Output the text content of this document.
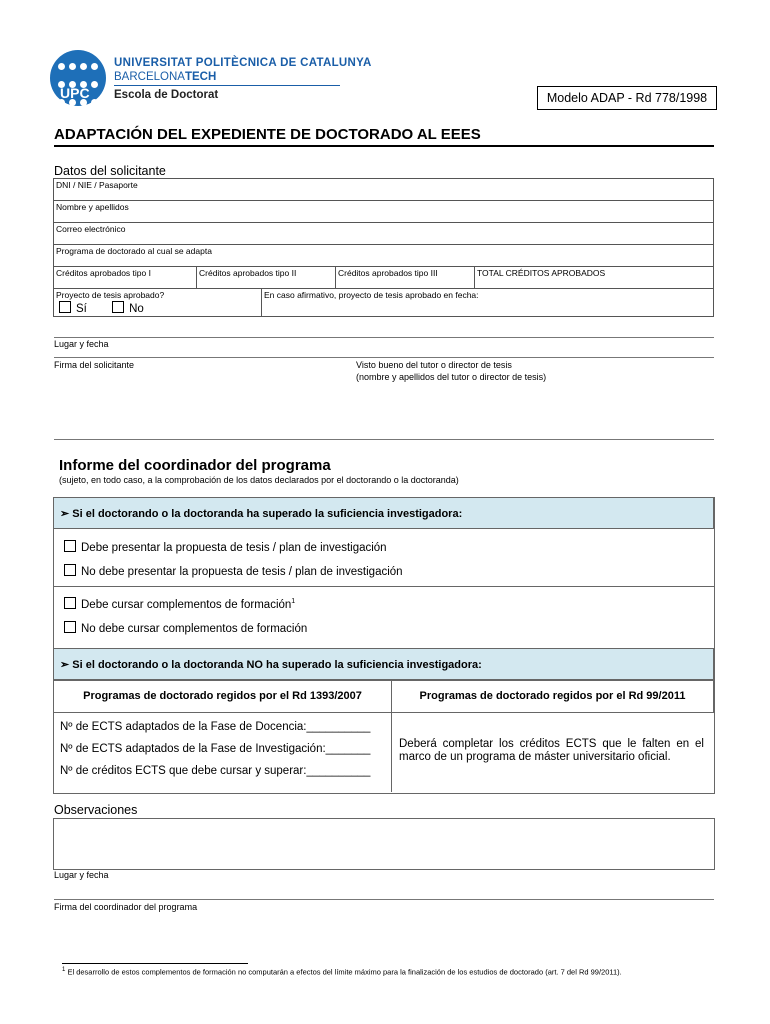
UPC
UNIVERSITAT POLITÈCNICA DE CATALUNYA
BARCELONATECH
Escola de Doctorat	Modelo ADAP - Rd 778/1998
ADAPTACIÓN DEL EXPEDIENTE DE DOCTORADO AL EEES
Datos del solicitante
DNI / NIE / Pasaporte
Nombre y apellidos
Correo electrónico
Programa de doctorado al cual se adapta
Créditos aprobados tipo I	Créditos aprobados tipo II	Créditos aprobados tipo III	TOTAL CRÉDITOS APROBADOS
Proyecto de tesis aprobado?
Sí	No
	En caso afirmativo, proyecto de tesis aprobado en fecha:
Lugar y fecha
Firma del solicitante	Visto bueno del tutor o director de tesis
(nombre y apellidos del tutor o director de tesis)
Informe del coordinador del programa
(sujeto, en todo caso, a la comprobación de los datos declarados por el doctorando o la doctoranda)
➢ Si el doctorando o la doctoranda ha superado la suficiencia investigadora:
Debe presentar la propuesta de tesis / plan de investigación
No debe presentar la propuesta de tesis / plan de investigación
Debe cursar complementos de formación$^1$
No debe cursar complementos de formación
➢ Si el doctorando o la doctoranda NO ha superado la suficiencia investigadora:
Programas de doctorado regidos por el Rd 1393/2007	Programas de doctorado regidos por el Rd 99/2011
Nº de ECTS adaptados de la Fase de Docencia:__________
Nº de ECTS adaptados de la Fase de Investigación:_______
Nº de créditos ECTS que debe cursar y superar:__________
Deberá completar los créditos ECTS que le falten en el marco de un programa de máster universitario oficial.
Observaciones
Lugar y fecha
Firma del coordinador del programa
$^1$ El desarrollo de estos complementos de formación no computarán a efectos del límite máximo para la finalización de los estudios de doctorado (art. 7 del Rd 99/2011).
